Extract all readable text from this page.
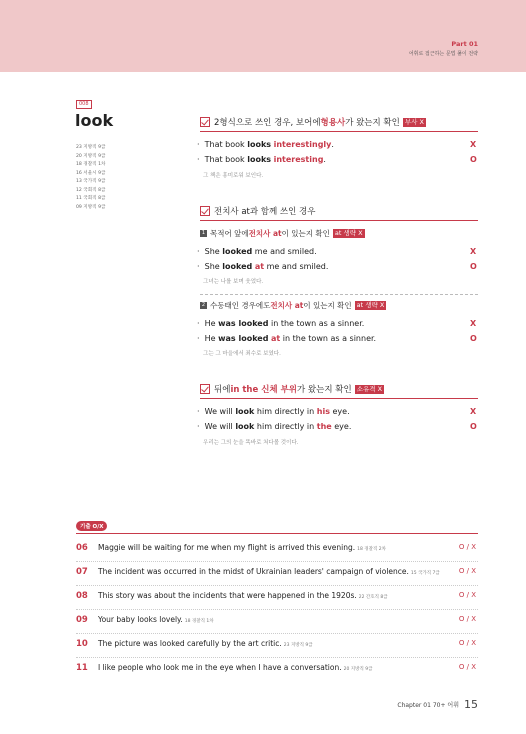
Part 01
어휘로 접근하는 문법 풀이 전략
008
look
23 지방직 9급
20 지방직 9급
18 경찰직 1차
16 서울시 9급
13 국가직 9급
12 국회직 8급
11 국회직 8급
09 지방직 9급
2형식으로 쓰인 경우, 보어에 형용사 가 왔는지 확인 부사 X
·  That book looks interestingly.	X
·  That book looks interesting.	O
그 책은 흥미로워 보인다.
전치사 at과 함께 쓰인 경우
1 목적어 앞에 전치사 at 이 있는지 확인 at 생략 X
·  She looked me and smiled.	X
·  She looked at me and smiled.	O
그녀는 나를 보며 웃었다.
2 수동태인 경우에도 전치사 at 이 있는지 확인 at 생략 X
·  He was looked in the town as a sinner.	X
·  He was looked at in the town as a sinner.	O
그는 그 마을에서 죄수로 보였다.
뒤에 in the 신체 부위 가 왔는지 확인 소유격 X
·  We will look him directly in his eye.	X
·  We will look him directly in the eye.	O
우리는 그의 눈을 똑바로 쳐다볼 것이다.
기출 O/X
06 Maggie will be waiting for me when my flight is arrived this evening. 18 경찰직 2차	O / X
07 The incident was occurred in the midst of Ukrainian leaders' campaign of violence. 15 국가직 7급	O / X
08 This story was about the incidents that were happened in the 1920s. 22 간호직 8급	O / X
09 Your baby looks lovely. 18 경찰직 1차	O / X
10 The picture was looked carefully by the art critic. 23 지방직 9급	O / X
11 I like people who look me in the eye when I have a conversation. 20 지방직 9급	O / X
Chapter 01 70+ 어휘 15
